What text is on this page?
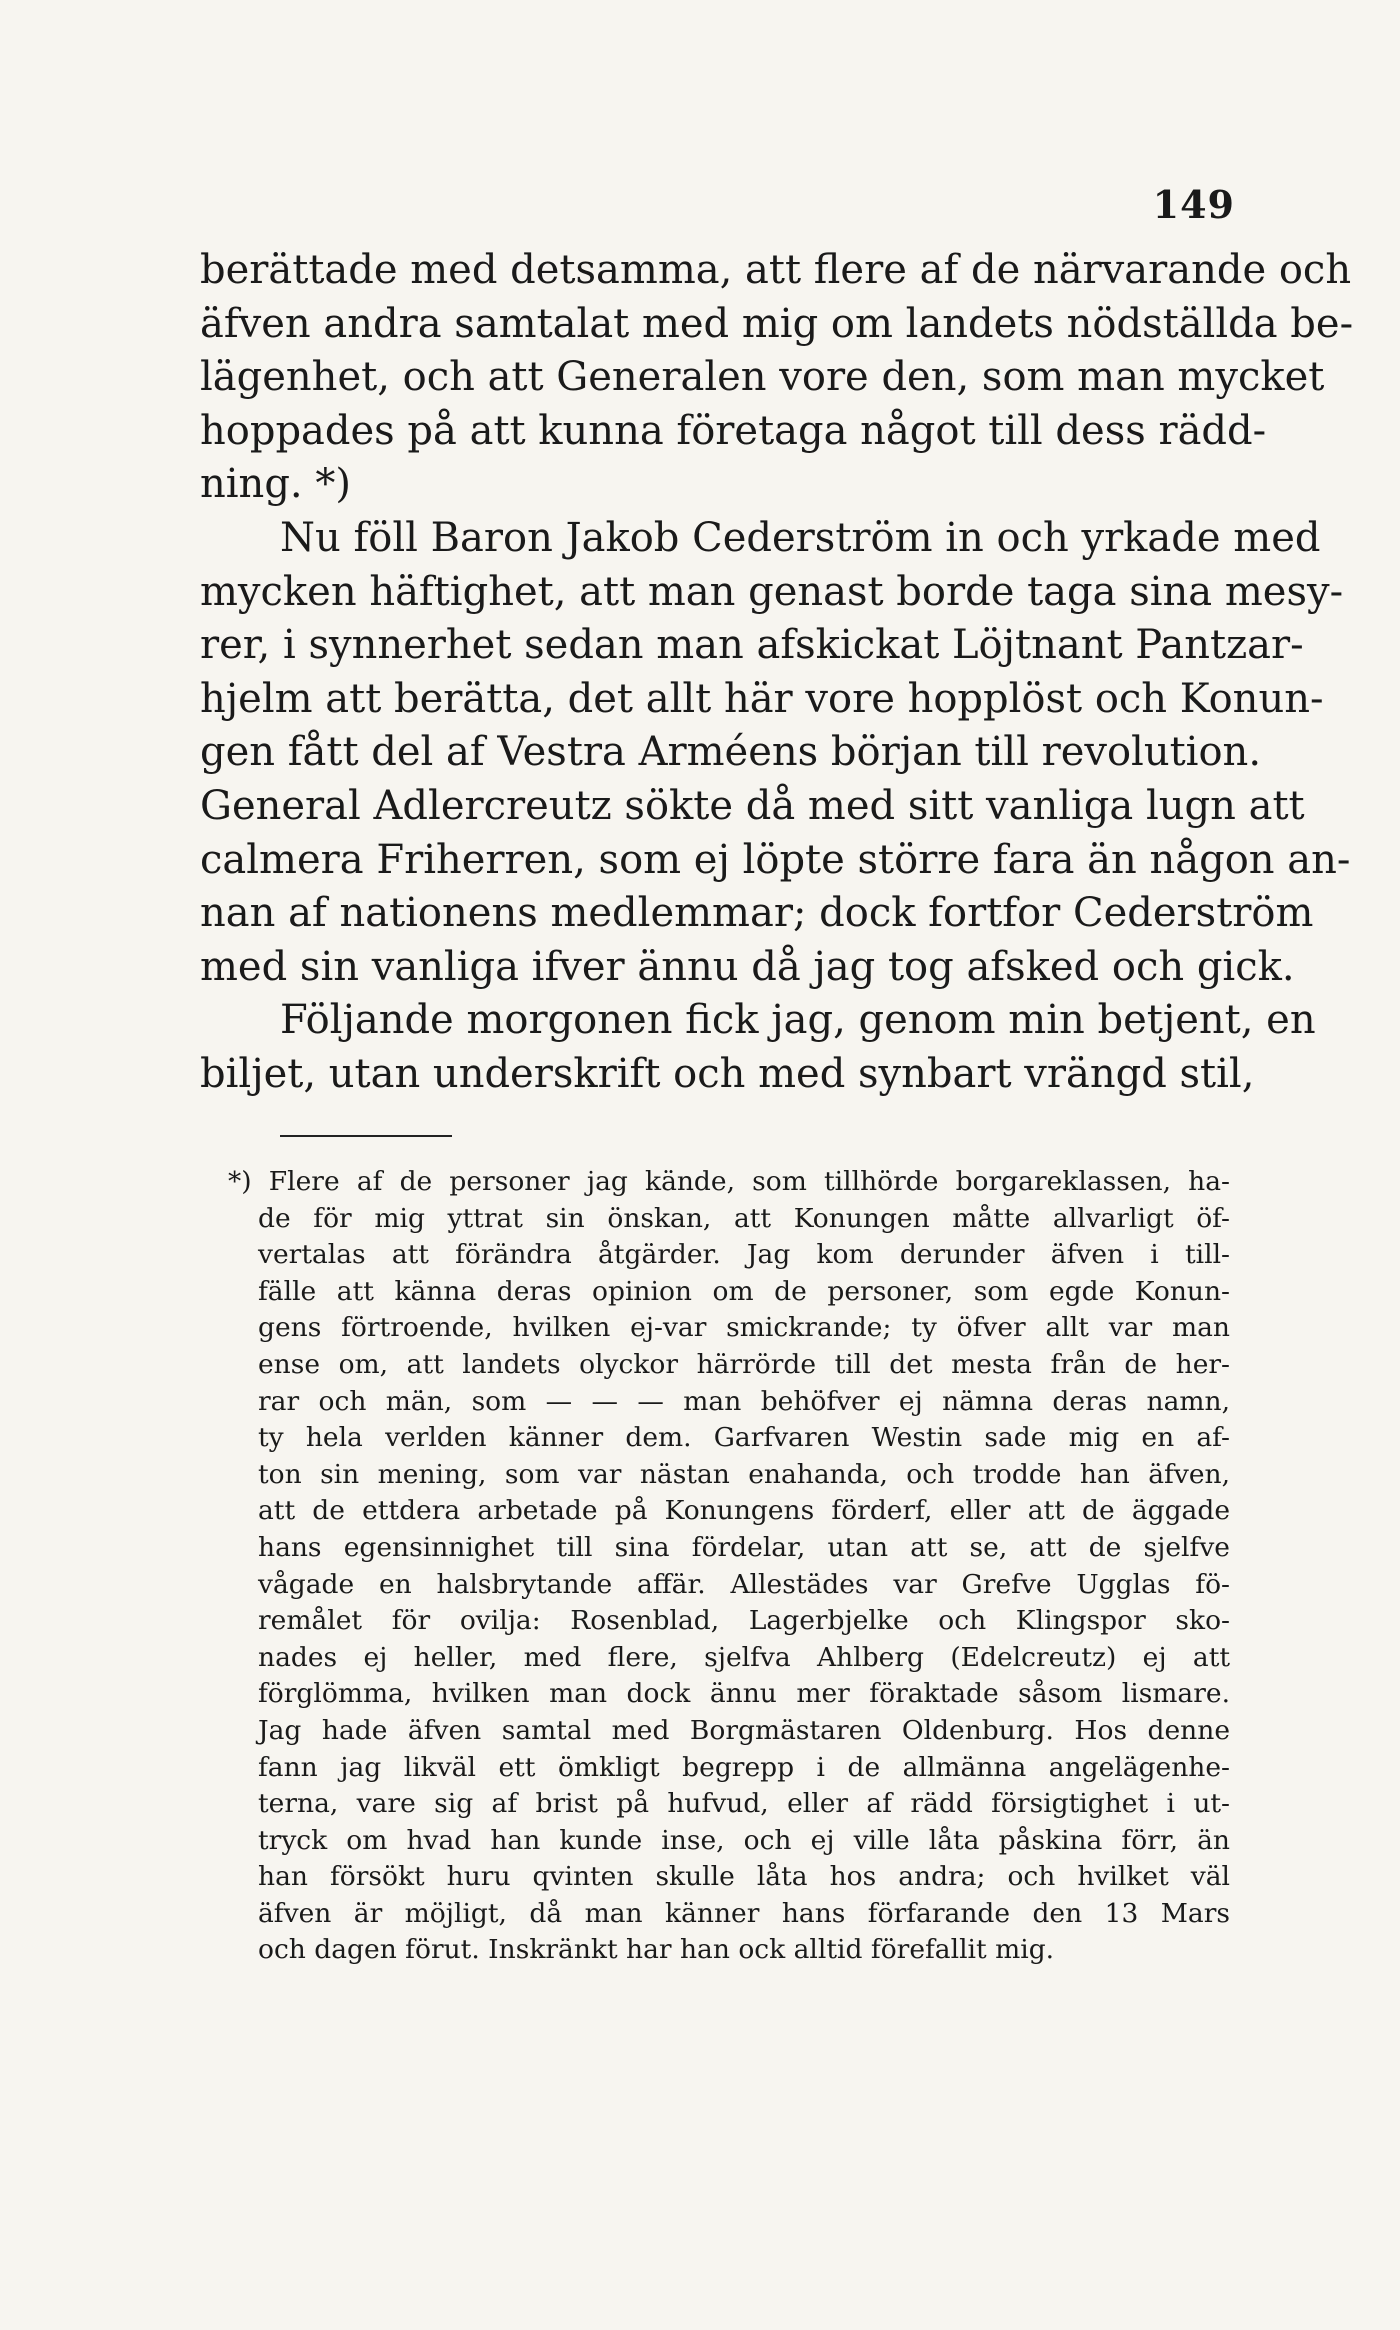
149
berättade med detsamma, att flere af de närvarande och
äfven andra samtalat med mig om landets nödställda be-
lägenhet, och att Generalen vore den, som man mycket
hoppades på att kunna företaga något till dess rädd-
ning. *)
Nu föll Baron Jakob Cederström in och yrkade med
mycken häftighet, att man genast borde taga sina mesy-
rer, i synnerhet sedan man afskickat Löjtnant Pantzar-
hjelm att berätta, det allt här vore hopplöst och Konun-
gen fått del af Vestra Arméens början till revolution.
General Adlercreutz sökte då med sitt vanliga lugn att
calmera Friherren, som ej löpte större fara än någon an-
nan af nationens medlemmar; dock fortfor Cederström
med sin vanliga ifver ännu då jag tog afsked och gick.
Följande morgonen fick jag, genom min betjent, en
biljet, utan underskrift och med synbart vrängd stil,
*) Flere af de personer jag kände, som tillhörde borgareklassen, ha-
de för mig yttrat sin önskan, att Konungen måtte allvarligt öf-
vertalas att förändra åtgärder. Jag kom derunder äfven i till-
fälle att känna deras opinion om de personer, som egde Konun-
gens förtroende, hvilken ej-var smickrande; ty öfver allt var man
ense om, att landets olyckor härrörde till det mesta från de her-
rar och män, som — — — man behöfver ej nämna deras namn,
ty hela verlden känner dem. Garfvaren Westin sade mig en af-
ton sin mening, som var nästan enahanda, och trodde han äfven,
att de ettdera arbetade på Konungens förderf, eller att de äggade
hans egensinnighet till sina fördelar, utan att se, att de sjelfve
vågade en halsbrytande affär. Allestädes var Grefve Ugglas fö-
remålet för ovilja: Rosenblad, Lagerbjelke och Klingspor sko-
nades ej heller, med flere, sjelfva Ahlberg (Edelcreutz) ej att
förglömma, hvilken man dock ännu mer föraktade såsom lismare.
Jag hade äfven samtal med Borgmästaren Oldenburg. Hos denne
fann jag likväl ett ömkligt begrepp i de allmänna angelägenhe-
terna, vare sig af brist på hufvud, eller af rädd försigtighet i ut-
tryck om hvad han kunde inse, och ej ville låta påskina förr, än
han försökt huru qvinten skulle låta hos andra; och hvilket väl
äfven är möjligt, då man känner hans förfarande den 13 Mars
och dagen förut. Inskränkt har han ock alltid förefallit mig.
